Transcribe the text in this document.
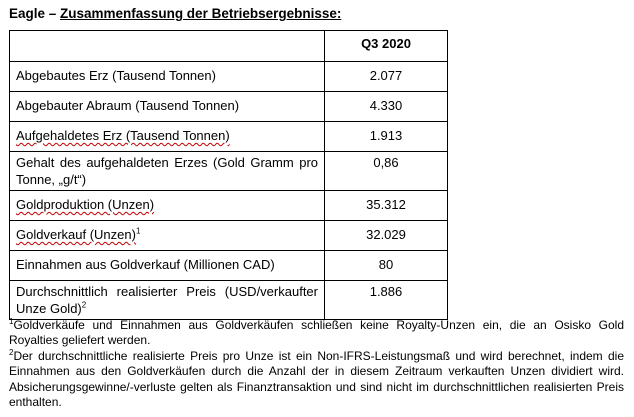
Eagle – Zusammenfassung der Betriebsergebnisse:
	Q3 2020
Abgebautes Erz (Tausend Tonnen)	2.077
Abgebauter Abraum (Tausend Tonnen)	4.330
Aufgehaldetes Erz (Tausend Tonnen)	1.913
Gehalt des aufgehaldeten Erzes (Gold Gramm pro Tonne, „g/t“)	0,86
Goldproduktion (Unzen)	35.312
Goldverkauf (Unzen)$^1$	32.029
Einnahmen aus Goldverkauf (Millionen CAD)	80
Durchschnittlich realisierter Preis (USD/verkaufter Unze Gold)$^2$	1.886

$^1$Goldverkäufe und Einnahmen aus Goldverkäufen schließen keine Royalty-Unzen ein, die an Osisko Gold Royalties geliefert werden.

$^2$Der durchschnittliche realisierte Preis pro Unze ist ein Non-IFRS-Leistungsmaß und wird berechnet, indem die Einnahmen aus den Goldverkäufen durch die Anzahl der in diesem Zeitraum verkauften Unzen dividiert wird. Absicherungsgewinne/-verluste gelten als Finanztransaktion und sind nicht im durchschnittlichen realisierten Preis enthalten.
